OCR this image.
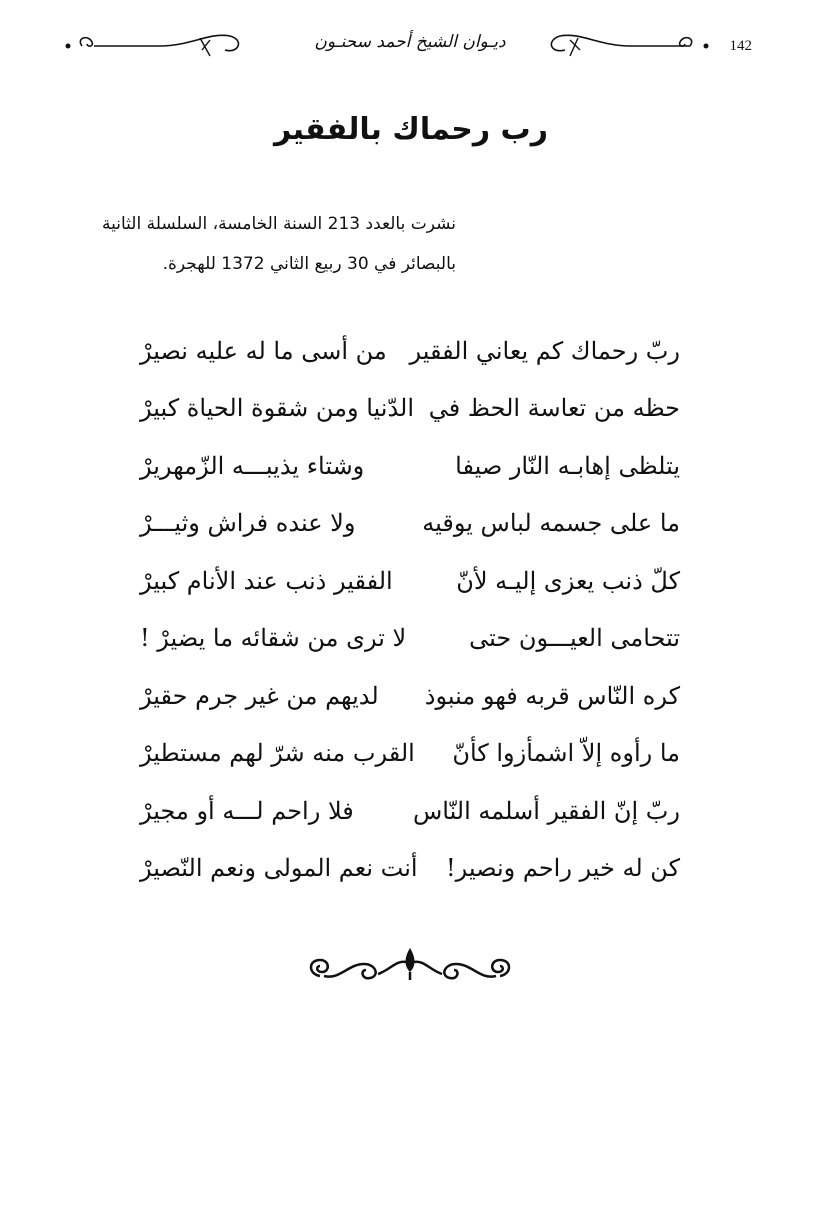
ديـوان الشيخ أحمد سحنـون	142
رب رحماك بالفقير
نشرت بالعدد 213 السنة الخامسة، السلسلة الثانية
بالبصائر في 30 ربيع الثاني 1372 للهجرة.
ربّ رحماك كم يعاني الفقير
من أسى ما له عليه نصيرْ
حظه من تعاسة الحظ في
الدّنيا ومن شقوة الحياة كبيرْ
يتلظى إهابـه النّار صيفا
وشتاء يذيبـــه الزّمهريرْ
ما على جسمه لباس يوقيه
ولا عنده فراش وثيـــرْ
كلّ ذنب يعزى إليـه لأنّ
الفقير ذنب عند الأنام كبيرْ
تتحامى العيـــون حتى
لا ترى من شقائه ما يضيرْ !
كره النّاس قربه فهو منبوذ
لديهم من غير جرم حقيرْ
ما رأوه إلاّ اشمأزوا كأنّ
القرب منه شرّ لهم مستطيرْ
ربّ إنّ الفقير أسلمه النّاس
فلا راحم لـــه أو مجيرْ
كن له خير راحم ونصير!
أنت نعم المولى ونعم النّصيرْ
